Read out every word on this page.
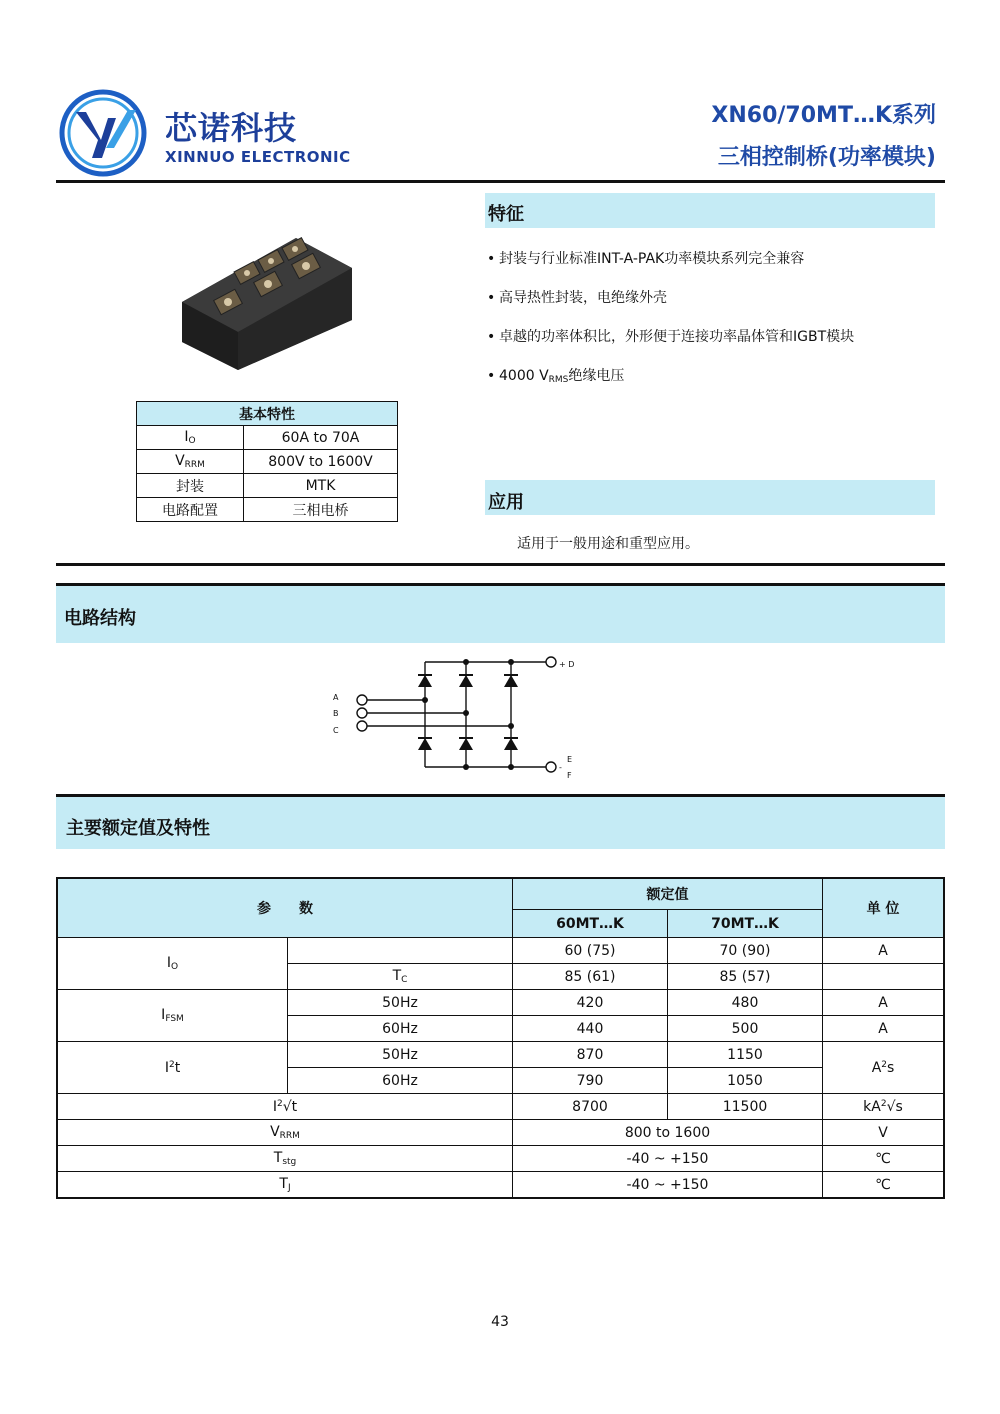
芯诺科技
XINNUO ELECTRONIC
XN60/70MT…K系列
三相控制桥(功率模块)
基本特性	
$I_O$	60A to 70A
$V_{RRM}$	800V to 1600V
封装	MTK
电路配置	三相电桥
特征
• 封装与行业标准INT-A-PAK功率模块系列完全兼容
• 高导热性封装，电绝缘外壳
• 卓越的功率体积比，外形便于连接功率晶体管和IGBT模块
• 4000 $V_{RMS}$绝缘电压
应用
适用于一般用途和重型应用。
电路结构
A
B
C
+ D
-
E
F
主要额定值及特性
参　　数		额定值		单 位
		60MT…K	70MT…K	
$I_O$		60 (75)	70 (90)	A
	$T_C$	85 (61)	85 (57)	
$I_{FSM}$	50Hz	420	480	A
	60Hz	440	500	A
$I^2t$	50Hz	870	1150	$A^2s$
	60Hz	790	1050	
$I^2√t$		8700	11500	$kA^2√s$
$V_{RRM}$		800 to 1600		V
$T_{stg}$		-40 ~ +150		℃
$T_J$		-40 ~ +150		℃
43
